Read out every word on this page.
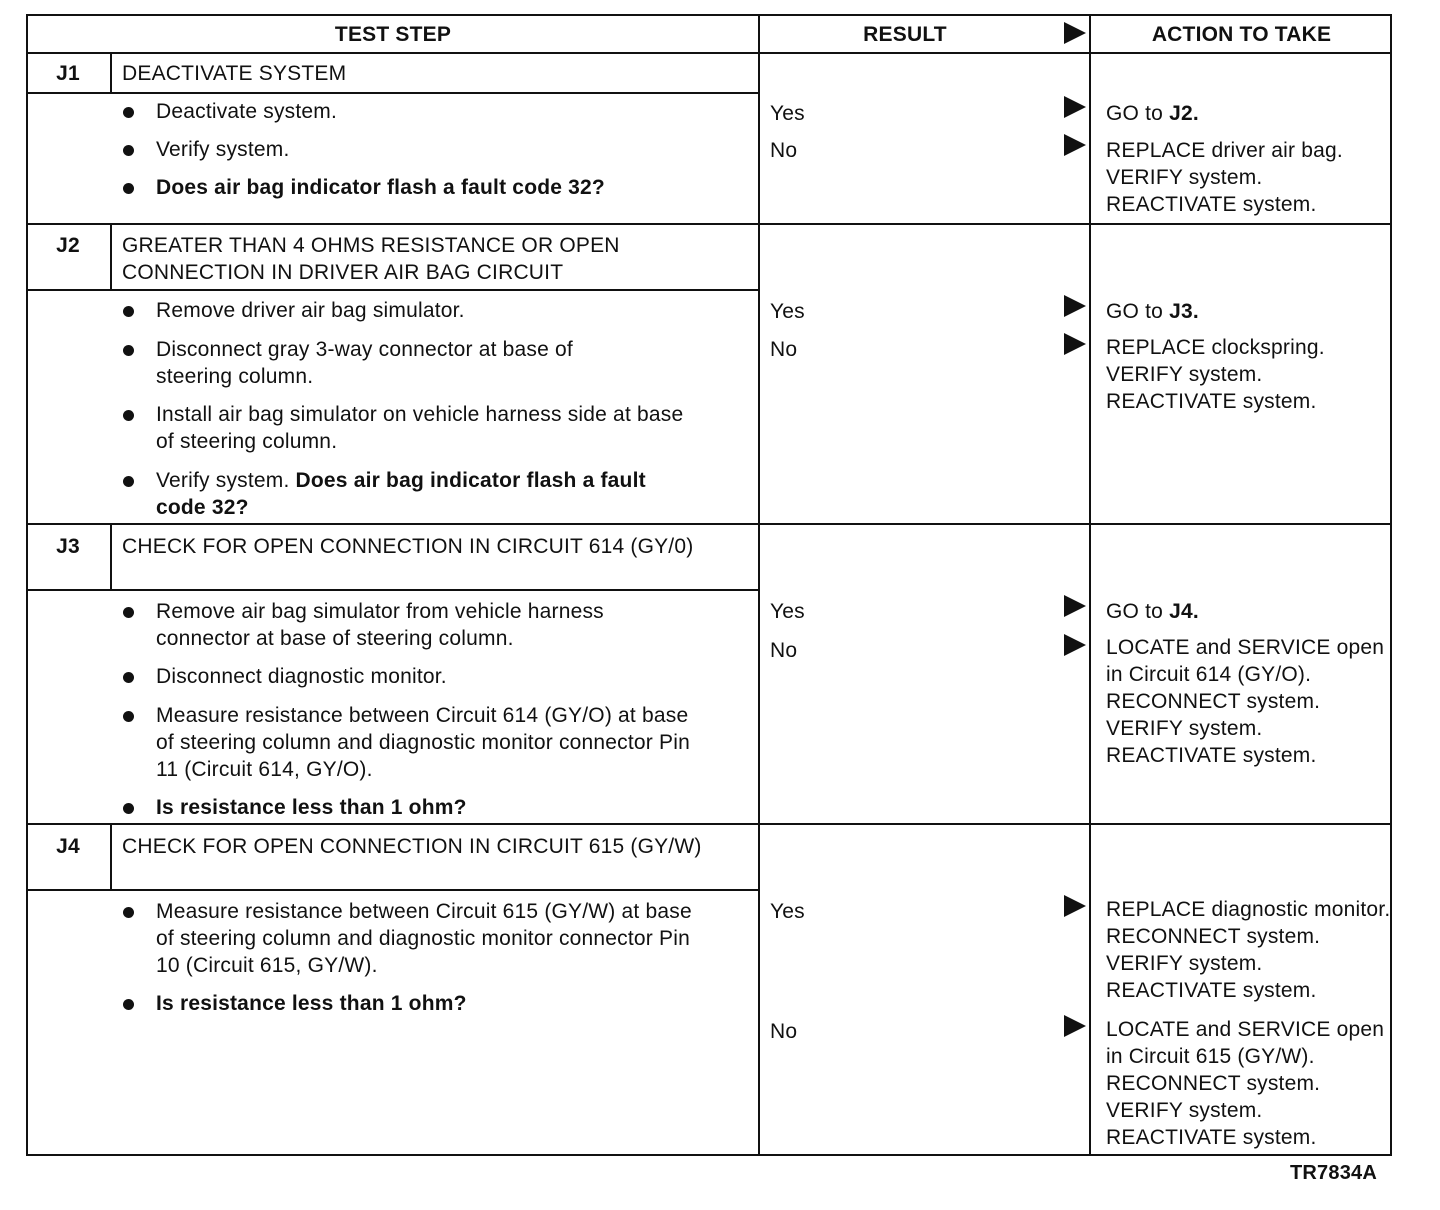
TEST STEP	RESULT	ACTION TO TAKE
J1	DEACTIVATE SYSTEM
Deactivate system.
Verify system.
Does air bag indicator flash a fault code 32?
Yes	GO to J2.
No	REPLACE driver air bag. VERIFY system. REACTIVATE system.
J2	GREATER THAN 4 OHMS RESISTANCE OR OPEN CONNECTION IN DRIVER AIR BAG CIRCUIT
Remove driver air bag simulator.
Disconnect gray 3-way connector at base of steering column.
Install air bag simulator on vehicle harness side at base of steering column.
Verify system. Does air bag indicator flash a fault code 32?
Yes	GO to J3.
No	REPLACE clockspring. VERIFY system. REACTIVATE system.
J3	CHECK FOR OPEN CONNECTION IN CIRCUIT 614 (GY/0)
Remove air bag simulator from vehicle harness connector at base of steering column.
Disconnect diagnostic monitor.
Measure resistance between Circuit 614 (GY/O) at base of steering column and diagnostic monitor connector Pin 11 (Circuit 614, GY/O).
Is resistance less than 1 ohm?
Yes	GO to J4.
No	LOCATE and SERVICE open in Circuit 614 (GY/O). RECONNECT system. VERIFY system. REACTIVATE system.
J4	CHECK FOR OPEN CONNECTION IN CIRCUIT 615 (GY/W)
Measure resistance between Circuit 615 (GY/W) at base of steering column and diagnostic monitor connector Pin 10 (Circuit 615, GY/W).
Is resistance less than 1 ohm?
Yes	REPLACE diagnostic monitor. RECONNECT system. VERIFY system. REACTIVATE system.
No	LOCATE and SERVICE open in Circuit 615 (GY/W). RECONNECT system. VERIFY system. REACTIVATE system.
TR7834A
